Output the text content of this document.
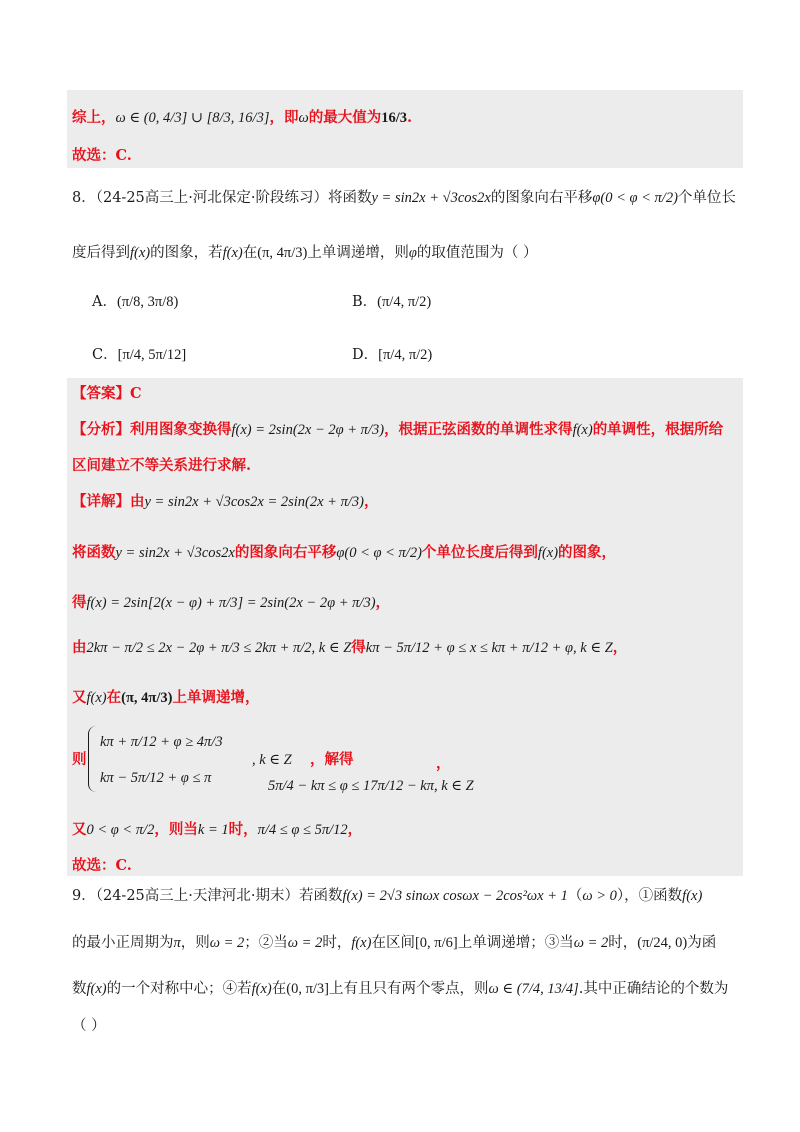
综上，ω ∈ (0, 4/3] ∪ [8/3, 16/3]，即ω的最大值为16/3.
故选：C.
8．（24-25高三上·河北保定·阶段练习）将函数y = sin2x + √3cos2x的图象向右平移φ(0 < φ < π/2)个单位长
度后得到f(x)的图象，若f(x)在(π, 4π/3)上单调递增，则φ的取值范围为（ ）
A．(π/8, 3π/8)	B．(π/4, π/2)
C．[π/4, 5π/12]	D．[π/4, π/2)
【答案】C
【分析】利用图象变换得f(x) = 2sin(2x − 2φ + π/3)，根据正弦函数的单调性求得f(x)的单调性，根据所给
区间建立不等关系进行求解.
【详解】由y = sin2x + √3cos2x = 2sin(2x + π/3)，
将函数y = sin2x + √3cos2x的图象向右平移φ(0 < φ < π/2)个单位长度后得到f(x)的图象，
得f(x) = 2sin[2(x − φ) + π/3] = 2sin(2x − 2φ + π/3)，
由2kπ − π/2 ≤ 2x − 2φ + π/3 ≤ 2kπ + π/2, k ∈ Z得kπ − 5π/12 + φ ≤ x ≤ kπ + π/12 + φ, k ∈ Z，
又f(x)在(π, 4π/3)上单调递增，
则
kπ + π/12 + φ ≥ 4π/3
, k ∈ Z
kπ − 5π/12 + φ ≤ π
，解得
5π/4 − kπ ≤ φ ≤ 17π/12 − kπ, k ∈ Z
，
又0 < φ < π/2，则当k = 1时，π/4 ≤ φ ≤ 5π/12，
故选：C.
9．（24-25高三上·天津河北·期末）若函数f(x) = 2√3 sinωx cosωx − 2cos²ωx + 1（ω > 0），①函数f(x)
的最小正周期为π，则ω = 2；②当ω = 2时，f(x)在区间[0, π/6]上单调递增；③当ω = 2时，(π/24, 0)为函
数f(x)的一个对称中心；④若f(x)在(0, π/3]上有且只有两个零点，则ω ∈ (7/4, 13/4].其中正确结论的个数为
（ ）
